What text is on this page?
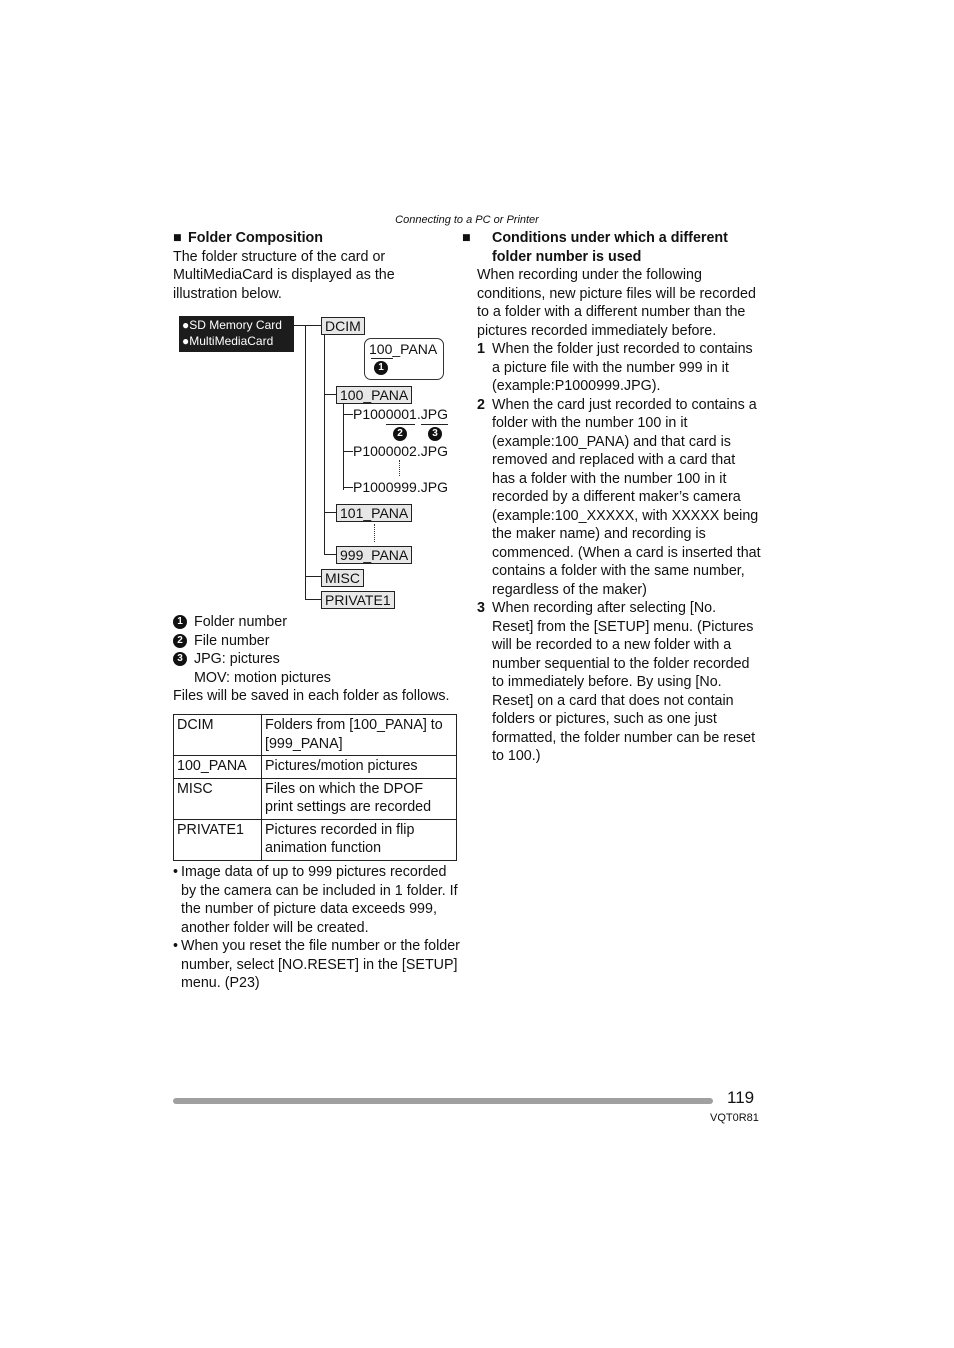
Connecting to a PC or Printer

■ Folder Composition

The folder structure of the card or MultiMediaCard is displayed as the illustration below.

●SD Memory Card
●MultiMediaCard
DCIM
100_PANA
1
100_PANA
P1000001.JPG
2	3
P1000002.JPG
P1000999.JPG
101_PANA
999_PANA
MISC
PRIVATE1
1 Folder number
2 File number
3 JPG: pictures
MOV: motion pictures

Files will be saved in each folder as follows.

DCIM	Folders from [100_PANA] to [999_PANA]
100_PANA	Pictures/motion pictures
MISC	Files on which the DPOF print settings are recorded
PRIVATE1	Pictures recorded in flip animation function
• Image data of up to 999 pictures recorded by the camera can be included in 1 folder. If the number of picture data exceeds 999, another folder will be created.
• When you reset the file number or the folder number, select [NO.RESET] in the [SETUP] menu. (P23)

■ Conditions under which a different folder number is used

When recording under the following conditions, new picture files will be recorded to a folder with a different number than the pictures recorded immediately before.

1 When the folder just recorded to contains a picture file with the number 999 in it (example:P1000999.JPG).
2 When the card just recorded to contains a folder with the number 100 in it (example:100_PANA) and that card is removed and replaced with a card that has a folder with the number 100 in it recorded by a different maker’s camera (example:100_XXXXX, with XXXXX being the maker name) and recording is commenced. (When a card is inserted that contains a folder with the same number, regardless of the maker)
3 When recording after selecting [No. Reset] from the [SETUP] menu. (Pictures will be recorded to a new folder with a number sequential to the folder recorded to immediately before. By using [No. Reset] on a card that does not contain folders or pictures, such as one just formatted, the folder number can be reset to 100.)
119
VQT0R81
